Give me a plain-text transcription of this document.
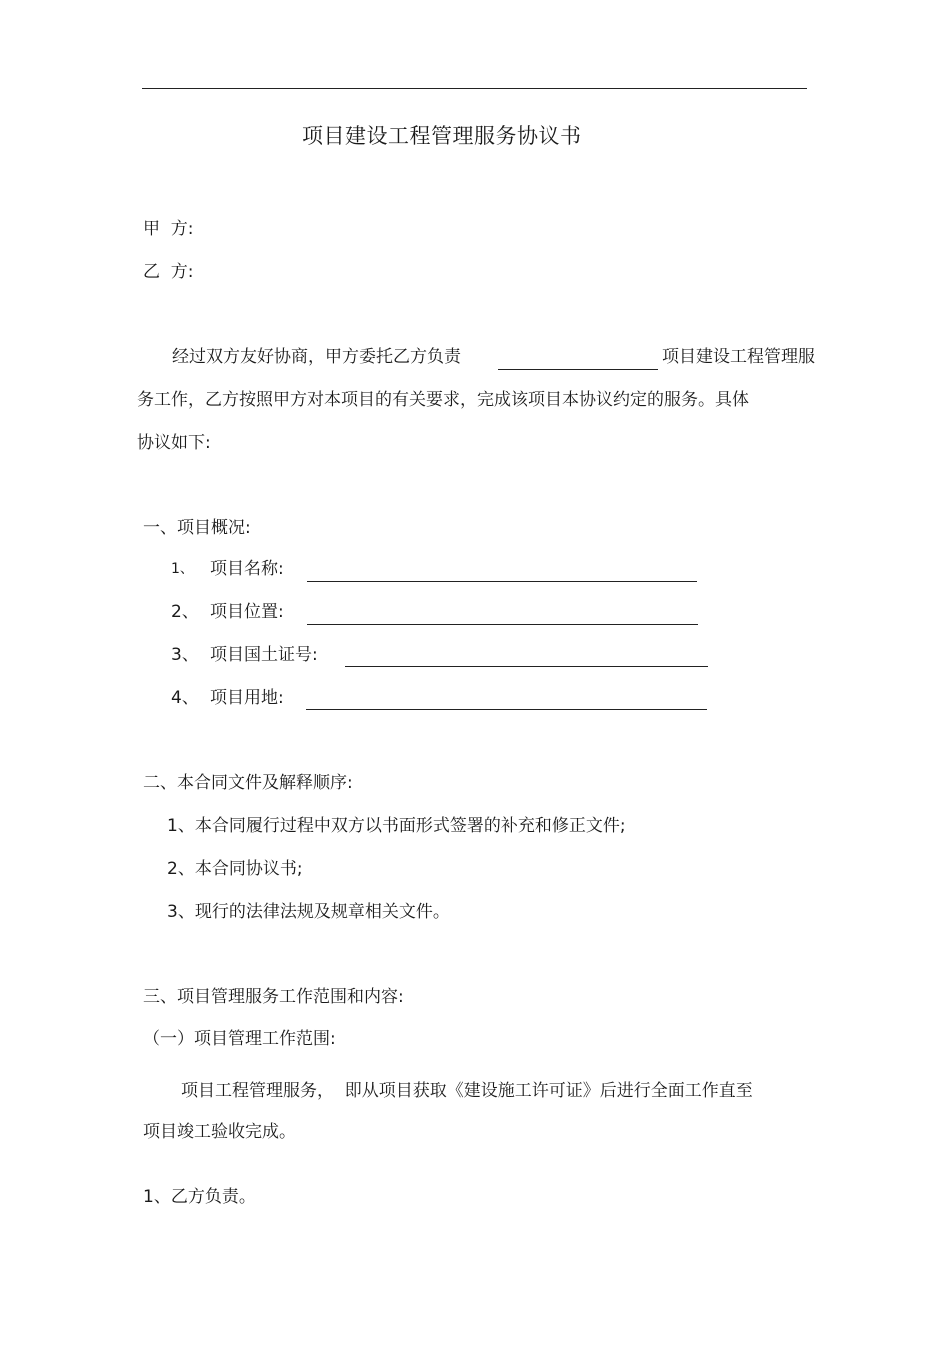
项目建设工程管理服务协议书
甲  方:
乙  方:
经过双方友好协商，甲方委托乙方负责	项目建设工程管理服
务工作，乙方按照甲方对本项目的有关要求，完成该项目本协议约定的服务。具体
协议如下:
一、项目概况:
1、 项目名称:
2、 项目位置:
3、 项目国土证号:
4、 项目用地:
二、本合同文件及解释顺序:
1、本合同履行过程中双方以书面形式签署的补充和修正文件;
2、本合同协议书;
3、现行的法律法规及规章相关文件。
三、项目管理服务工作范围和内容:
（一）项目管理工作范围:
项目工程管理服务，  即从项目获取《建设施工许可证》后进行全面工作直至
项目竣工验收完成。
1、乙方负责。
